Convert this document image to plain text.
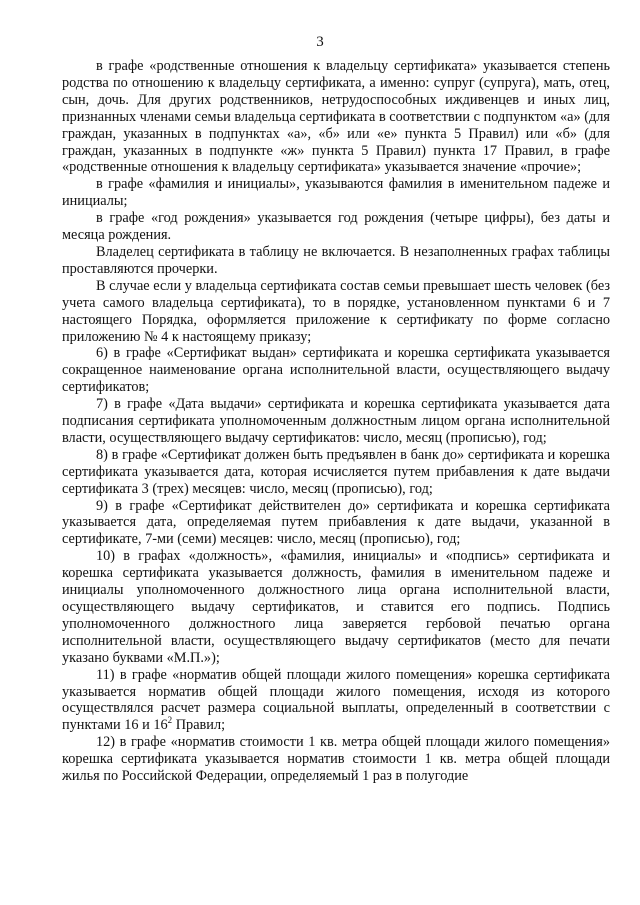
3

в графе «родственные отношения к владельцу сертификата» указывается степень родства по отношению к владельцу сертификата, а именно: супруг (супруга), мать, отец, сын, дочь. Для других родственников, нетрудоспособных иждивенцев и иных лиц, признанных членами семьи владельца сертификата в соответствии с подпунктом «а» (для граждан, указанных в подпунктах «а», «б» или «е» пункта 5 Правил) или «б» (для граждан, указанных в подпункте «ж» пункта 5 Правил) пункта 17 Правил, в графе «родственные отношения к владельцу сертификата» указывается значение «прочие»;

в графе «фамилия и инициалы», указываются фамилия в именительном падеже и инициалы;

в графе «год рождения» указывается год рождения (четыре цифры), без даты и месяца рождения.

Владелец сертификата в таблицу не включается. В незаполненных графах таблицы проставляются прочерки.

В случае если у владельца сертификата состав семьи превышает шесть человек (без учета самого владельца сертификата), то в порядке, установленном пунктами 6 и 7 настоящего Порядка, оформляется приложение к сертификату по форме согласно приложению № 4 к настоящему приказу;

6) в графе «Сертификат выдан» сертификата и корешка сертификата указывается сокращенное наименование органа исполнительной власти, осуществляющего выдачу сертификатов;

7) в графе «Дата выдачи» сертификата и корешка сертификата указывается дата подписания сертификата уполномоченным должностным лицом органа исполнительной власти, осуществляющего выдачу сертификатов: число, месяц (прописью), год;

8) в графе «Сертификат должен быть предъявлен в банк до» сертификата и корешка сертификата указывается дата, которая исчисляется путем прибавления к дате выдачи сертификата 3 (трех) месяцев: число, месяц (прописью), год;

9) в графе «Сертификат действителен до» сертификата и корешка сертификата указывается дата, определяемая путем прибавления к дате выдачи, указанной в сертификате, 7-ми (семи) месяцев: число, месяц (прописью), год;

10) в графах «должность», «фамилия, инициалы» и «подпись» сертификата и корешка сертификата указывается должность, фамилия в именительном падеже и инициалы уполномоченного должностного лица органа исполнительной власти, осуществляющего выдачу сертификатов, и ставится его подпись. Подпись уполномоченного должностного лица заверяется гербовой печатью органа исполнительной власти, осуществляющего выдачу сертификатов (место для печати указано буквами «М.П.»);

11) в графе «норматив общей площади жилого помещения» корешка сертификата указывается норматив общей площади жилого помещения, исходя из которого осуществлялся расчет размера социальной выплаты, определенный в соответствии с пунктами 16 и $16^2$ Правил;

12) в графе «норматив стоимости 1 кв. метра общей площади жилого помещения» корешка сертификата указывается норматив стоимости 1 кв. метра общей площади жилья по Российской Федерации, определяемый 1 раз в полугодие
